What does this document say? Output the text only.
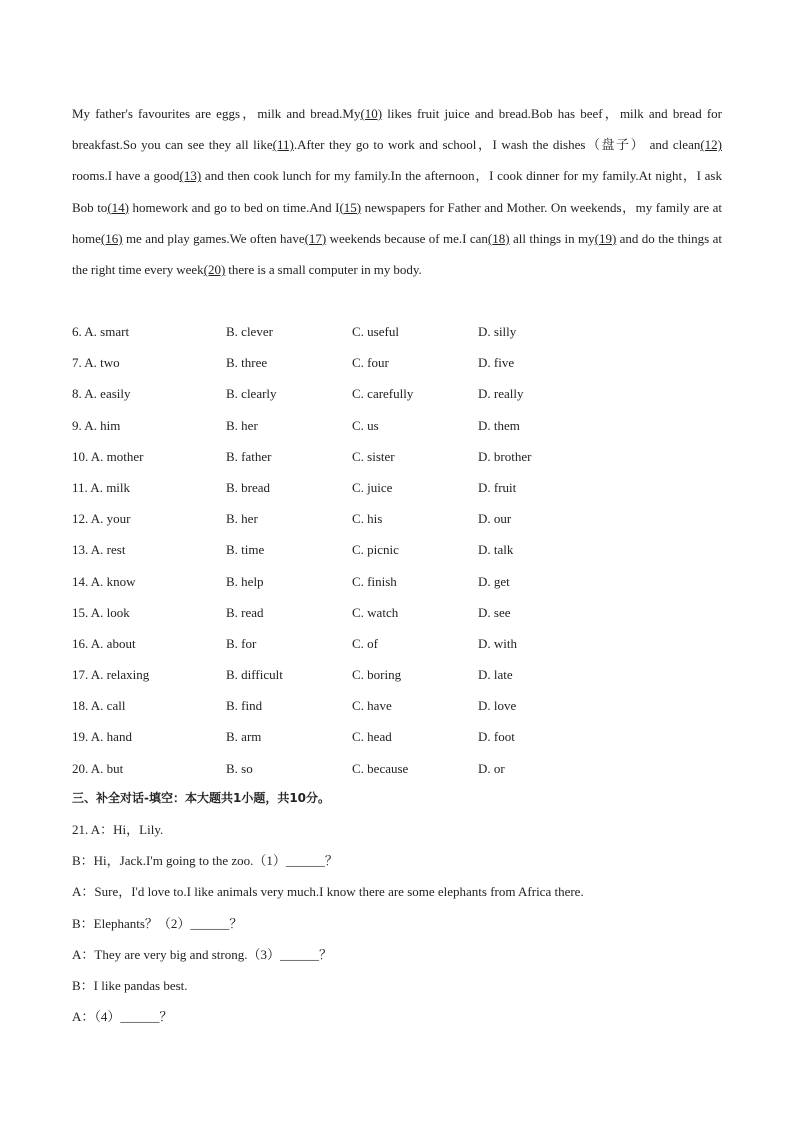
My father's favourites are eggs，milk and bread.My(10) likes fruit juice and bread.Bob has beef，milk and bread for breakfast.So you can see they all like(11).After they go to work and school，I wash the dishes（盘子） and clean(12) rooms.I have a good(13) and then cook lunch for my family.In the afternoon，I cook dinner for my family.At night，I ask Bob to(14) homework and go to bed on time.And I(15) newspapers for Father and Mother. On weekends，my family are at home(16) me and play games.We often have(17) weekends because of me.I can(18) all things in my(19) and do the things at the right time every week(20) there is a small computer in my body.
6. A. smart	B. clever	C. useful	D. silly
7. A. two	B. three	C. four	D. five
8. A. easily	B. clearly	C. carefully	D. really
9. A. him	B. her	C. us	D. them
10. A. mother	B. father	C. sister	D. brother
11. A. milk	B. bread	C. juice	D. fruit
12. A. your	B. her	C. his	D. our
13. A. rest	B. time	C. picnic	D. talk
14. A. know	B. help	C. finish	D. get
15. A. look	B. read	C. watch	D. see
16. A. about	B. for	C. of	D. with
17. A. relaxing	B. difficult	C. boring	D. late
18. A. call	B. find	C. have	D. love
19. A. hand	B. arm	C. head	D. foot
20. A. but	B. so	C. because	D. or
三、补全对话-填空：本大题共1小题，共10分。
21. A：Hi，Lily.
B：Hi，Jack.I'm going to the zoo.（1）______？
A：Sure，I'd love to.I like animals very much.I know there are some elephants from Africa there.
B：Elephants？（2）______？
A：They are very big and strong.（3）______？
B：I like pandas best.
A：（4）______？
